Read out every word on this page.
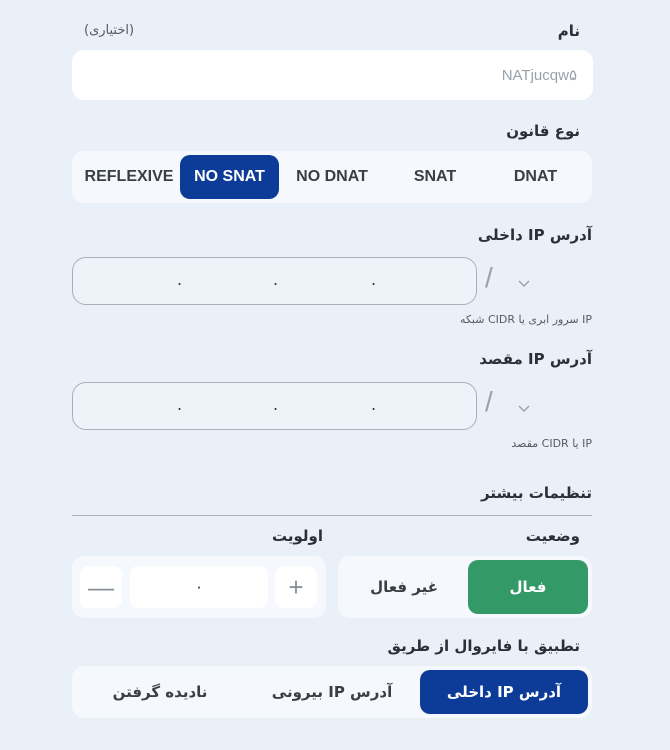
نام
(اختیاری)
NATjucqw۵
نوع قانون
REFLEXIVE	NO SNAT	NO DNAT	SNAT	DNAT
آدرس IP داخلی
.	.	.	/
IP سرور ابری یا CIDR شبکه
آدرس IP مقصد
.	.	.	/
IP یا CIDR مقصد
تنظیمات بیشتر
وضعیت
فعال
غیر فعال
اولویت
—	۰	+
تطبیق با فایروال از طریق
آدرس IP داخلی
آدرس IP بیرونی
نادیده گرفتن
